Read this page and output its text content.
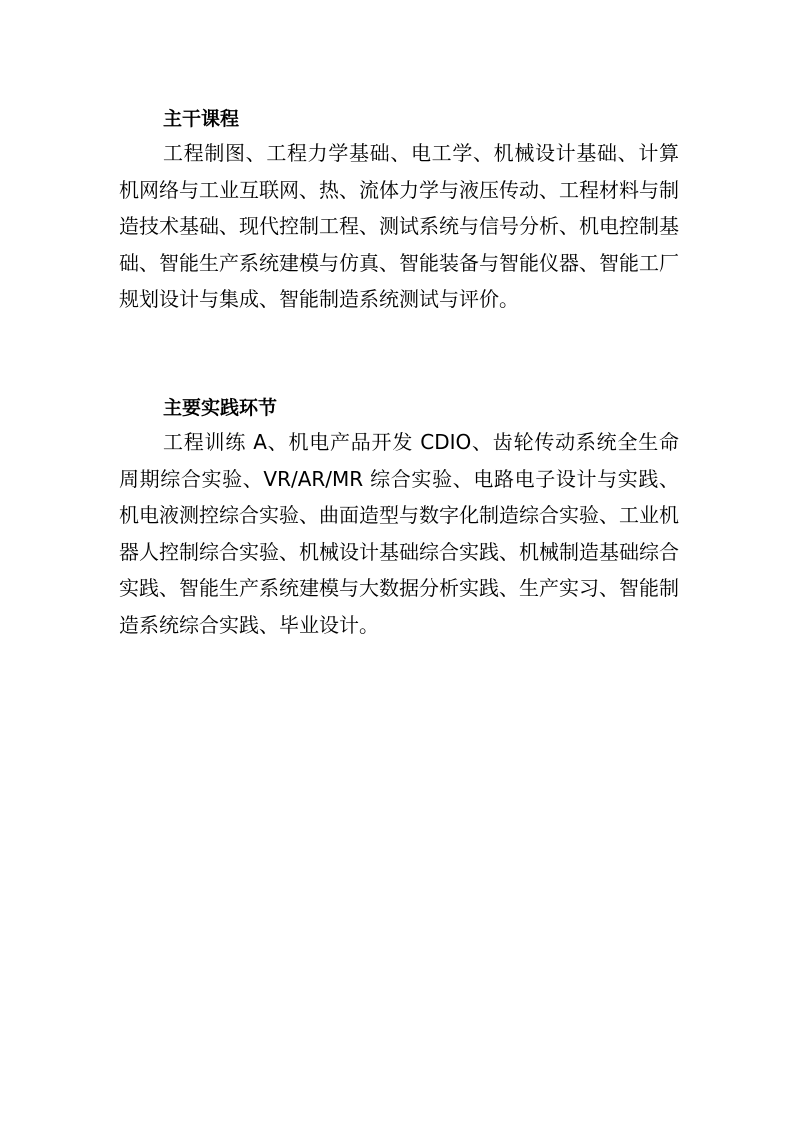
主干课程

工程制图、工程力学基础、电工学、机械设计基础、计算机网络与工业互联网、热、流体力学与液压传动、工程材料与制造技术基础、现代控制工程、测试系统与信号分析、机电控制基础、智能生产系统建模与仿真、智能装备与智能仪器、智能工厂规划设计与集成、智能制造系统测试与评价。

主要实践环节

工程训练 A、机电产品开发 CDIO、齿轮传动系统全生命周期综合实验、VR/AR/MR 综合实验、电路电子设计与实践、机电液测控综合实验、曲面造型与数字化制造综合实验、工业机器人控制综合实验、机械设计基础综合实践、机械制造基础综合实践、智能生产系统建模与大数据分析实践、生产实习、智能制造系统综合实践、毕业设计。
